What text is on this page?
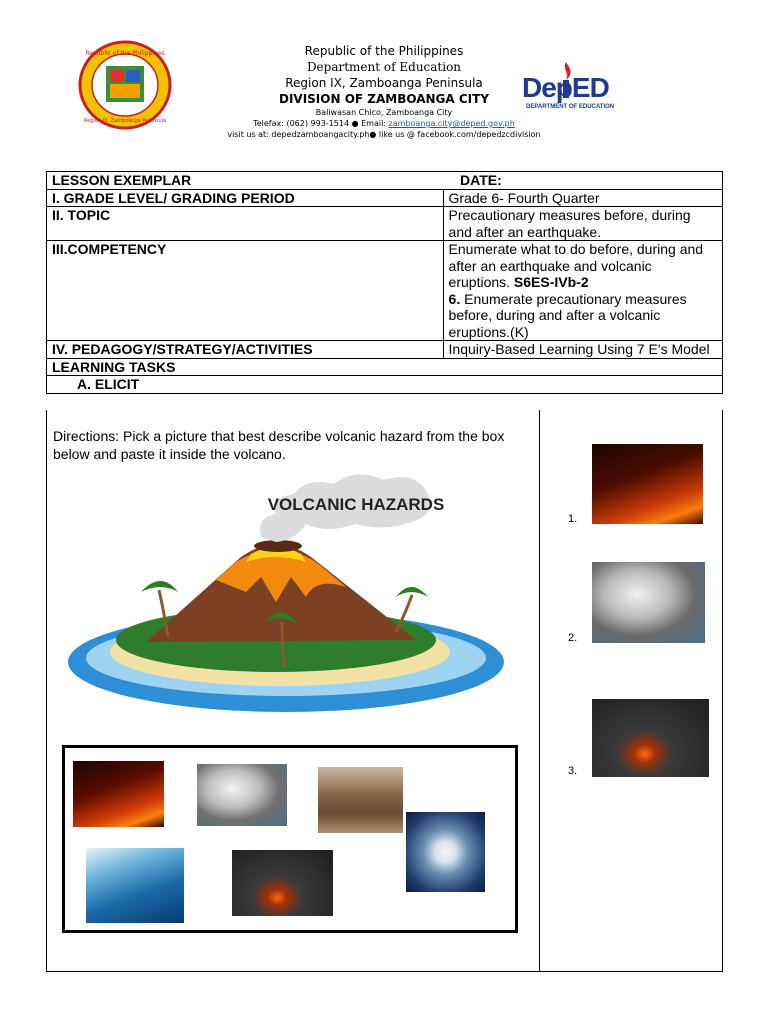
Republic of the Philippines
Region IX, Zamboanga Peninsula
Republic of the Philippines
Department of Education
Region IX, Zamboanga Peninsula
DIVISION OF ZAMBOANGA CITY
Baliwasan Chico, Zamboanga City
Telefax: (062) 993-1514 ● Email: zamboanga.city@deped.gov.ph
visit us at: depedzamboangacity.ph● like us @ facebook.com/depedzcdivision
DepED
DEPARTMENT OF EDUCATION
LESSON EXEMPLAR	DATE:
I. GRADE LEVEL/ GRADING PERIOD	Grade 6- Fourth Quarter
II. TOPIC	Precautionary measures before, during and after an earthquake.
III.COMPETENCY	Enumerate what to do before, during and after an earthquake and volcanic eruptions. S6ES-IVb-2
6. Enumerate precautionary measures before, during and after a volcanic eruptions.(K)
IV. PEDAGOGY/STRATEGY/ACTIVITIES	Inquiry-Based Learning Using 7 E's Model
LEARNING TASKS	
A. ELICIT	
Directions: Pick a picture that best describe volcanic hazard from the box below and paste it inside the volcano.
VOLCANIC HAZARDS
1.
2.
3.
